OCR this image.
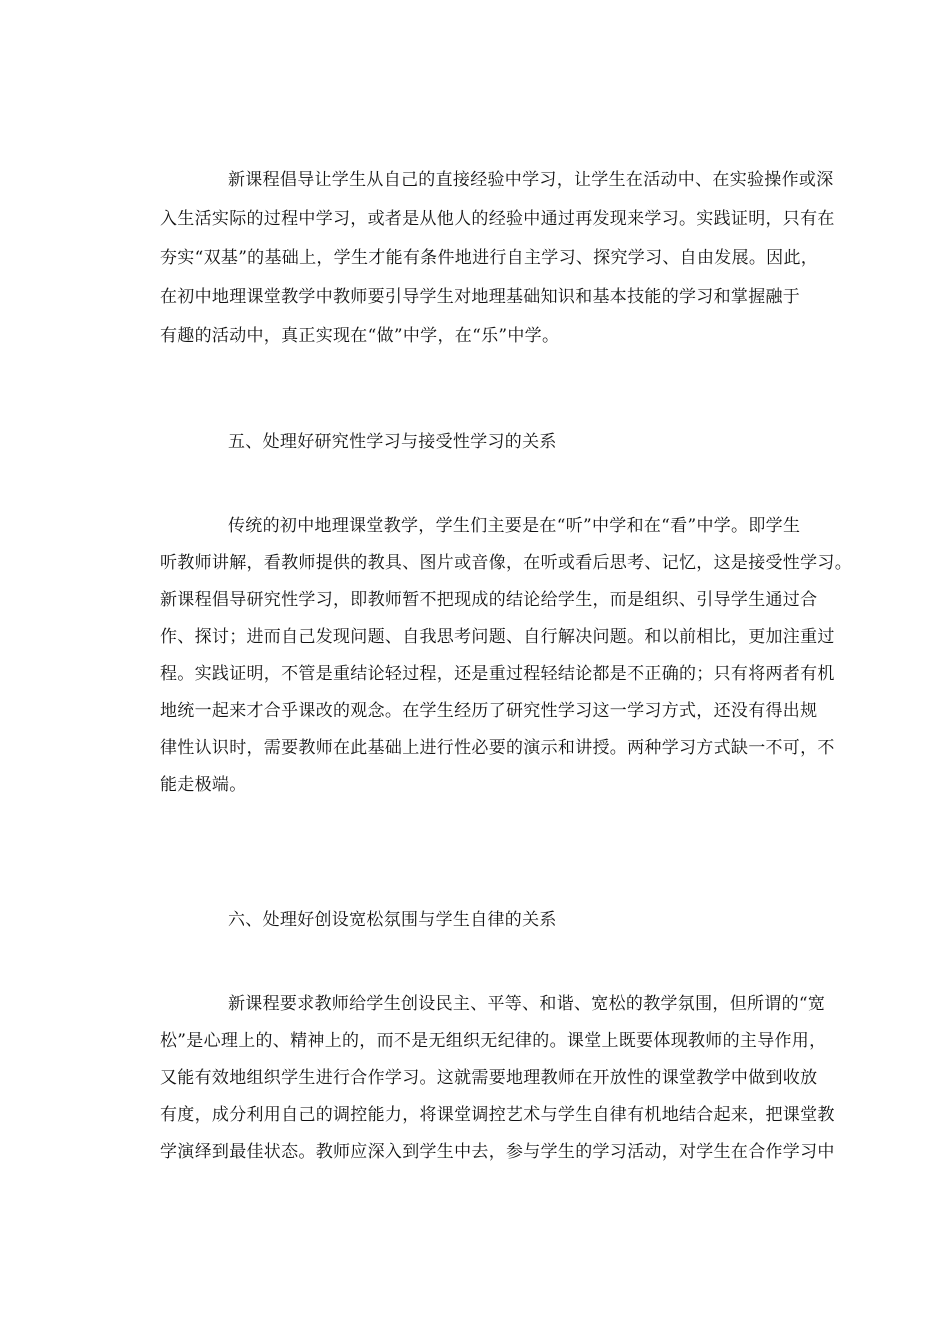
新课程倡导让学生从自己的直接经验中学习，让学生在活动中、在实验操作或深
入生活实际的过程中学习，或者是从他人的经验中通过再发现来学习。实践证明，只有在
夯实“双基”的基础上，学生才能有条件地进行自主学习、探究学习、自由发展。因此，
在初中地理课堂教学中教师要引导学生对地理基础知识和基本技能的学习和掌握融于
有趣的活动中，真正实现在“做”中学，在“乐”中学。
五、处理好研究性学习与接受性学习的关系
传统的初中地理课堂教学，学生们主要是在“听”中学和在“看”中学。即学生
听教师讲解，看教师提供的教具、图片或音像，在听或看后思考、记忆，这是接受性学习。
新课程倡导研究性学习，即教师暂不把现成的结论给学生，而是组织、引导学生通过合
作、探讨；进而自己发现问题、自我思考问题、自行解决问题。和以前相比，更加注重过
程。实践证明，不管是重结论轻过程，还是重过程轻结论都是不正确的；只有将两者有机
地统一起来才合乎课改的观念。在学生经历了研究性学习这一学习方式，还没有得出规
律性认识时，需要教师在此基础上进行性必要的演示和讲授。两种学习方式缺一不可，不
能走极端。
六、处理好创设宽松氛围与学生自律的关系
新课程要求教师给学生创设民主、平等、和谐、宽松的教学氛围，但所谓的“宽
松”是心理上的、精神上的，而不是无组织无纪律的。课堂上既要体现教师的主导作用，
又能有效地组织学生进行合作学习。这就需要地理教师在开放性的课堂教学中做到收放
有度，成分利用自己的调控能力，将课堂调控艺术与学生自律有机地结合起来，把课堂教
学演绎到最佳状态。教师应深入到学生中去，参与学生的学习活动，对学生在合作学习中
